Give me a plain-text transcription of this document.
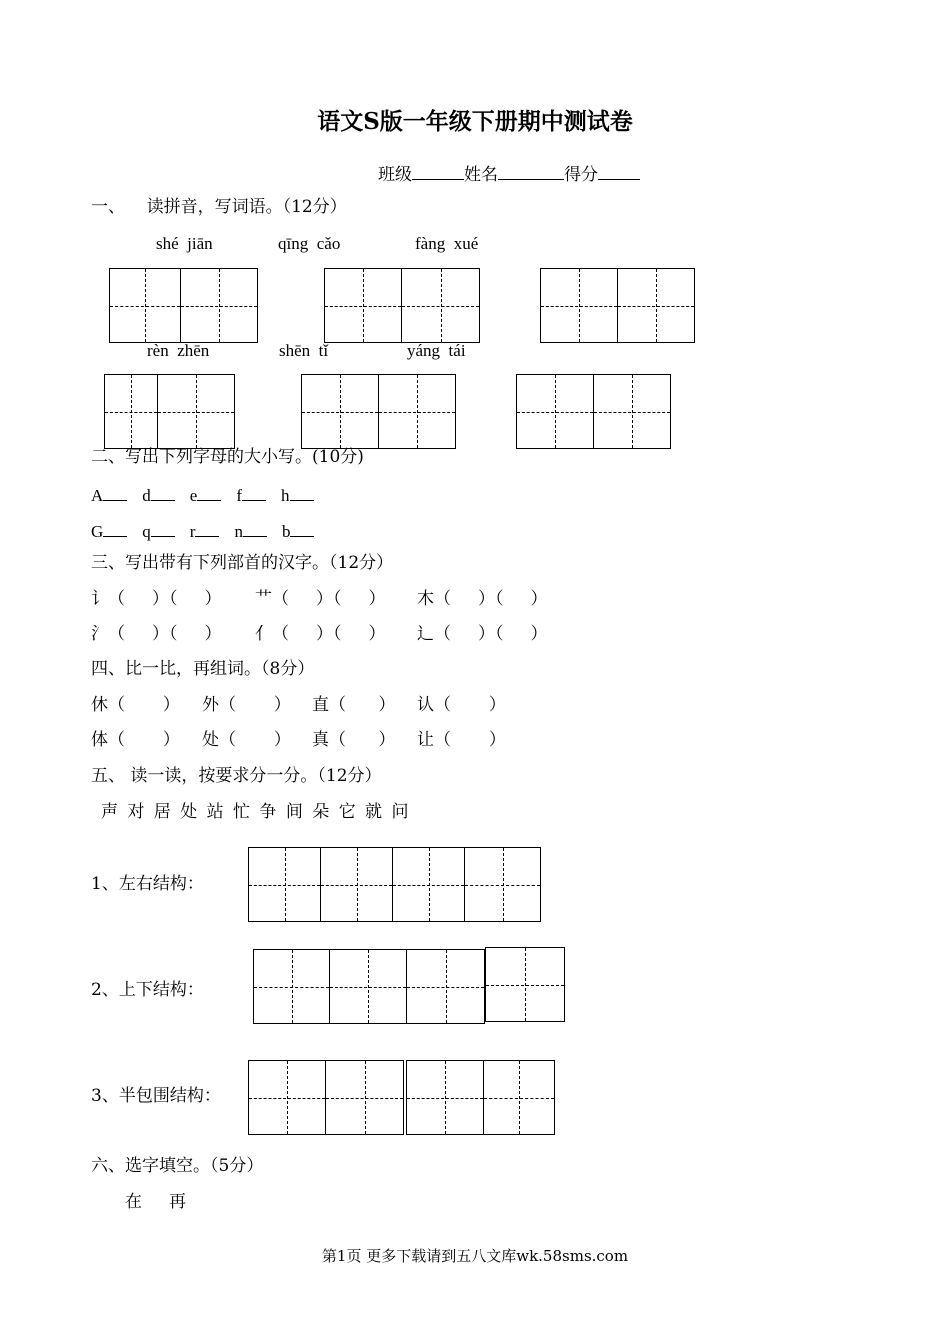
语文S版一年级下册期中测试卷
班级	姓名	得分
一、    读拼音，写词语。（12分）
shé  jiān	qīng  cǎo	fàng  xué
rèn  zhēn	shēn  tǐ	yáng  tái
二、写出下列字母的大小写。(10分)
A d e f h
G q r n b
三、写出带有下列部首的汉字。（12分）
讠（     ）（     ） 艹（     ）（     ） 木（     ）（     ）
氵（     ）（     ） 亻（     ）（     ） 辶（     ）（     ）
四、比一比，再组词。（8分）
休（       ） 外（       ） 直（      ） 认（       ）
体（       ） 处（       ） 真（      ） 让（       ）
五、 读一读，按要求分一分。（12分）
声 对 居 处 站 忙 争 间 朵 它 就 问
1、左右结构：
2、上下结构：
3、半包围结构：
六、选字填空。（5分）
在     再
第1页 更多下载请到五八文库wk.58sms.com
